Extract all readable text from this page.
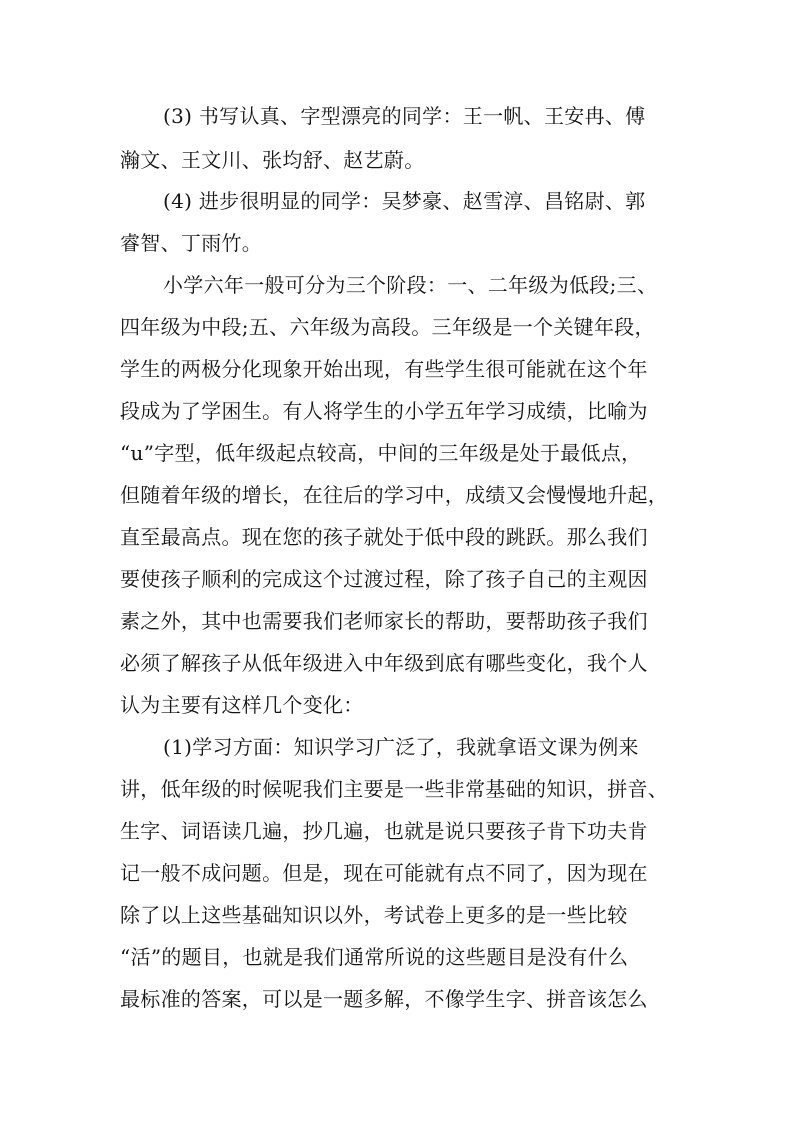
(3) 书写认真、字型漂亮的同学：王一帆、王安冉、傅
瀚文、王文川、张均舒、赵艺蔚。
(4) 进步很明显的同学：吴梦豪、赵雪淳、昌铭尉、郭
睿智、丁雨竹。
小学六年一般可分为三个阶段：一、二年级为低段;三、
四年级为中段;五、六年级为高段。三年级是一个关键年段，
学生的两极分化现象开始出现，有些学生很可能就在这个年
段成为了学困生。有人将学生的小学五年学习成绩，比喻为
“u”字型，低年级起点较高，中间的三年级是处于最低点，
但随着年级的增长，在往后的学习中，成绩又会慢慢地升起，
直至最高点。现在您的孩子就处于低中段的跳跃。那么我们
要使孩子顺利的完成这个过渡过程，除了孩子自己的主观因
素之外，其中也需要我们老师家长的帮助，要帮助孩子我们
必须了解孩子从低年级进入中年级到底有哪些变化，我个人
认为主要有这样几个变化：
(1)学习方面：知识学习广泛了，我就拿语文课为例来
讲，低年级的时候呢我们主要是一些非常基础的知识，拼音、
生字、词语读几遍，抄几遍，也就是说只要孩子肯下功夫肯
记一般不成问题。但是，现在可能就有点不同了，因为现在
除了以上这些基础知识以外，考试卷上更多的是一些比较
“活”的题目，也就是我们通常所说的这些题目是没有什么
最标准的答案，可以是一题多解，不像学生字、拼音该怎么
